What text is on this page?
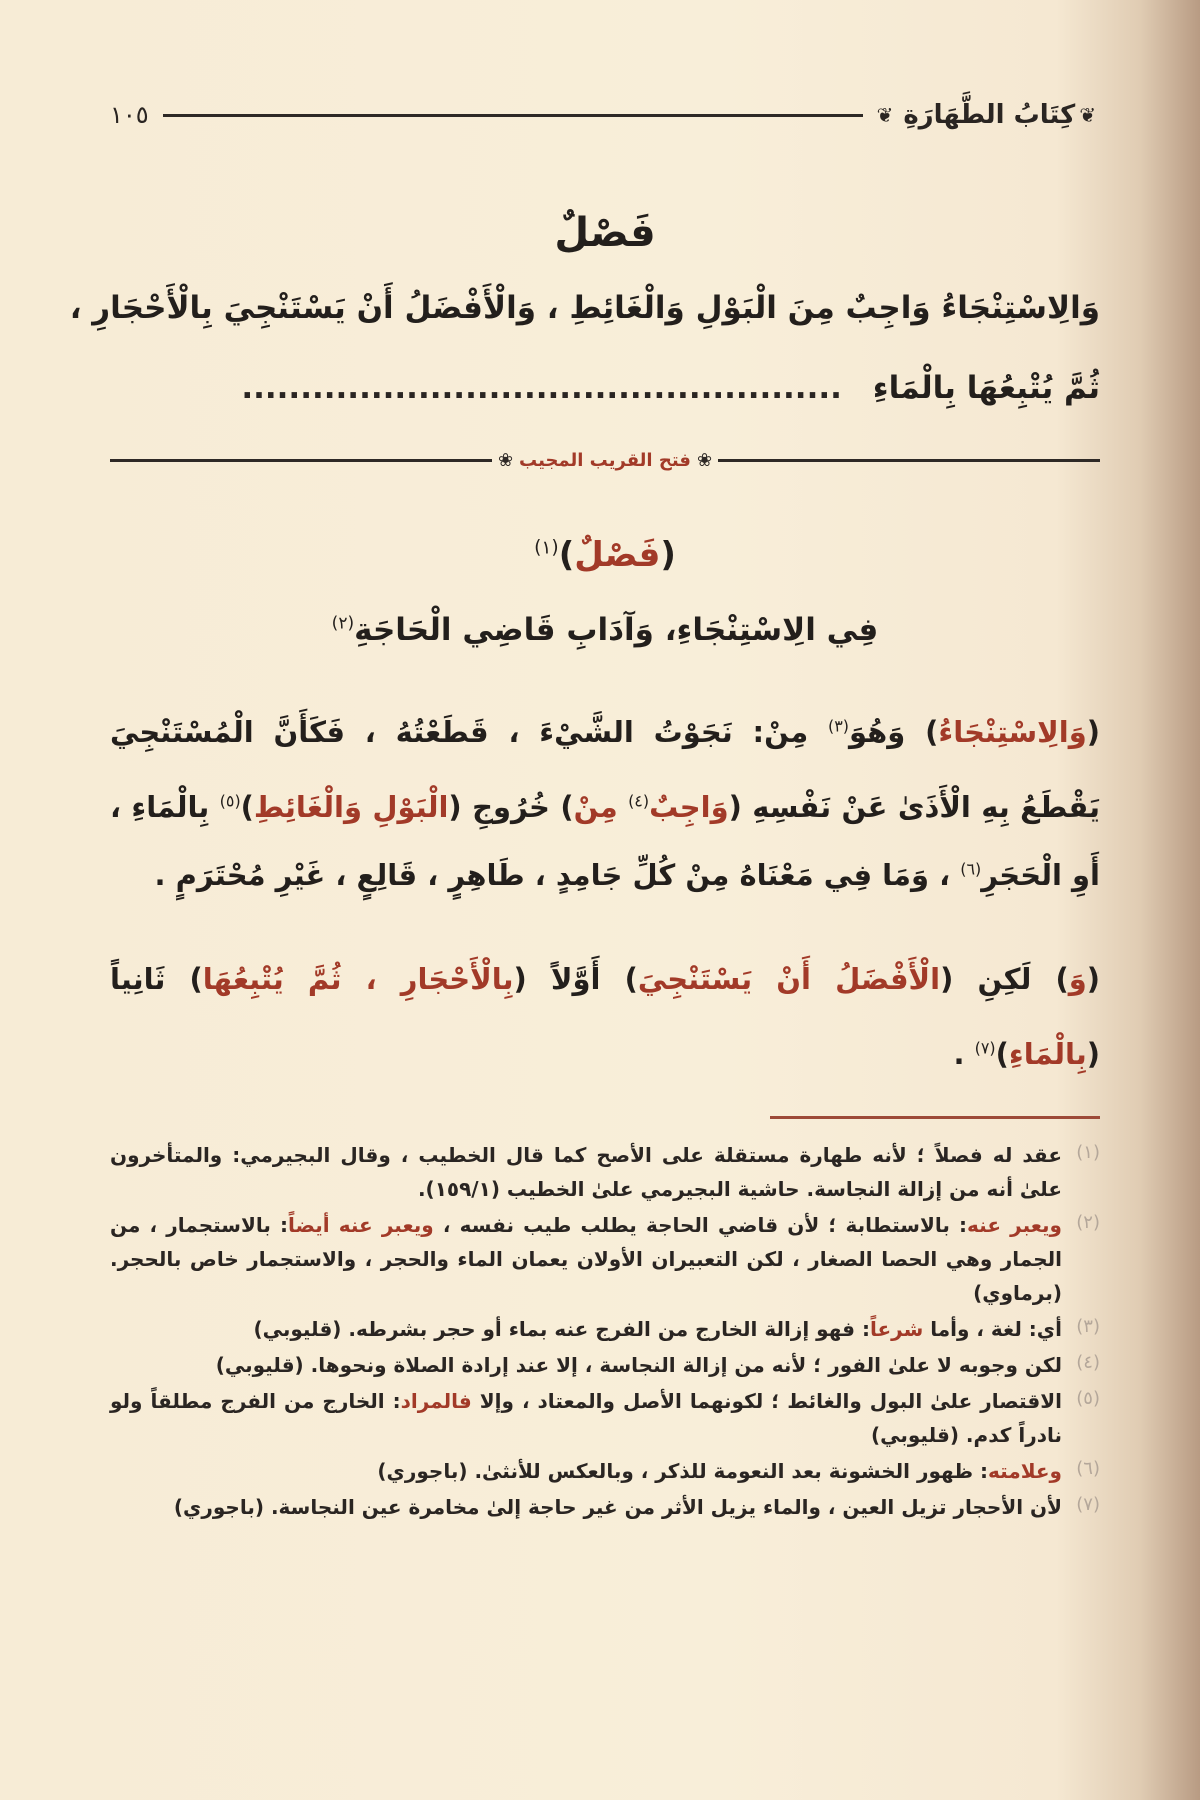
❦
كِتَابُ الطَّهَارَةِ
❦
١٠٥
فَصْلٌ
وَالِاسْتِنْجَاءُ وَاجِبٌ مِنَ الْبَوْلِ وَالْغَائِطِ ، وَالْأَفْضَلُ أَنْ يَسْتَنْجِيَ بِالْأَحْجَارِ ،
ثُمَّ يُتْبِعُهَا بِالْمَاءِ ...................................................
❀
فتح القريب المجيب
❀
(فَصْلٌ)$^{(١)}$
فِي الِاسْتِنْجَاءِ، وَآدَابِ قَاضِي الْحَاجَةِ$^{(٢)}$
(وَالِاسْتِنْجَاءُ) وَهُوَ$^{(٣)}$ مِنْ: نَجَوْتُ الشَّيْءَ ، قَطَعْتُهُ ، فَكَأَنَّ الْمُسْتَنْجِيَ
يَقْطَعُ بِهِ الْأَذَىٰ عَنْ نَفْسِهِ (وَاجِبٌ$^{(٤)}$ مِنْ) خُرُوجِ (الْبَوْلِ وَالْغَائِطِ)$^{(٥)}$ بِالْمَاءِ ،
أَوِ الْحَجَرِ$^{(٦)}$ ، وَمَا فِي مَعْنَاهُ مِنْ كُلِّ جَامِدٍ ، طَاهِرٍ ، قَالِعٍ ، غَيْرِ مُحْتَرَمٍ .
(وَ) لَكِنِ (الْأَفْضَلُ أَنْ يَسْتَنْجِيَ) أَوَّلاً (بِالْأَحْجَارِ ، ثُمَّ يُتْبِعُهَا) ثَانِياً
(بِالْمَاءِ)$^{(٧)}$ .
(١)
عقد له فصلاً ؛ لأنه طهارة مستقلة على الأصح كما قال الخطيب ، وقال البجيرمي: والمتأخرون علىٰ أنه من إزالة النجاسة. حاشية البجيرمي علىٰ الخطيب (١٥٩/١).
(٢)
ويعبر عنه: بالاستطابة ؛ لأن قاضي الحاجة يطلب طيب نفسه ، ويعبر عنه أيضاً: بالاستجمار ، من الجمار وهي الحصا الصغار ، لكن التعبيران الأولان يعمان الماء والحجر ، والاستجمار خاص بالحجر. (برماوي)
(٣)
أي: لغة ، وأما شرعاً: فهو إزالة الخارج من الفرج عنه بماء أو حجر بشرطه. (قليوبي)
(٤)
لكن وجوبه لا علىٰ الفور ؛ لأنه من إزالة النجاسة ، إلا عند إرادة الصلاة ونحوها. (قليوبي)
(٥)
الاقتصار علىٰ البول والغائط ؛ لكونهما الأصل والمعتاد ، وإلا فالمراد: الخارج من الفرج مطلقاً ولو نادراً كدم. (قليوبي)
(٦)
وعلامته: ظهور الخشونة بعد النعومة للذكر ، وبالعكس للأنثىٰ. (باجوري)
(٧)
لأن الأحجار تزيل العين ، والماء يزيل الأثر من غير حاجة إلىٰ مخامرة عين النجاسة. (باجوري)
